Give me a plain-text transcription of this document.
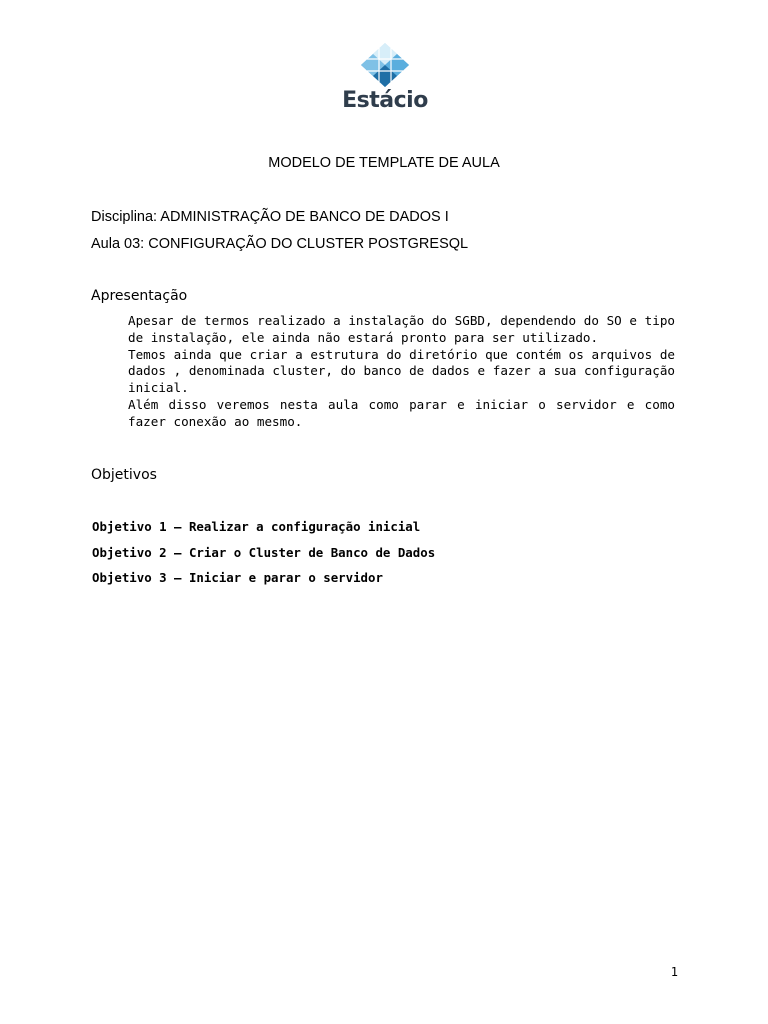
Estácio
MODELO DE TEMPLATE DE AULA
Disciplina: ADMINISTRAÇÃO DE BANCO DE DADOS I
Aula 03: CONFIGURAÇÃO DO CLUSTER POSTGRESQL
Apresentação

Apesar de termos realizado a instalação do SGBD, dependendo do SO e tipo de instalação, ele ainda não estará pronto para ser utilizado.

Temos ainda que criar a estrutura do diretório que contém os arquivos de dados , denominada cluster, do banco de dados e fazer a sua configuração inicial.

Além disso veremos nesta aula como parar e iniciar o servidor e como fazer conexão ao mesmo.

Objetivos
Objetivo 1 – Realizar a configuração inicial
Objetivo 2 – Criar o Cluster de Banco de Dados
Objetivo 3 – Iniciar e parar o servidor
1
